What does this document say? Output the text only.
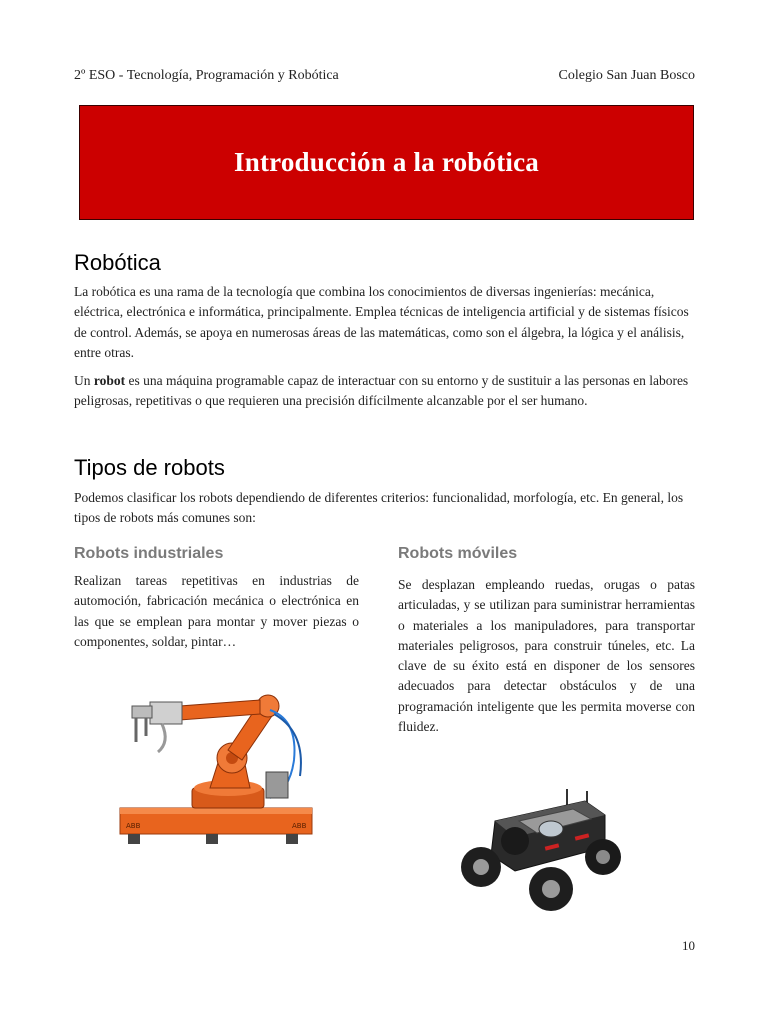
2º ESO - Tecnología, Programación y Robótica	Colegio San Juan Bosco
Introducción a la robótica
Robótica

La robótica es una rama de la tecnología que combina los conocimientos de diversas ingenierías: mecánica, eléctrica, electrónica e informática, principalmente. Emplea técnicas de inteligencia artificial y de sistemas físicos de control. Además, se apoya en numerosas áreas de las matemáticas, como son el álgebra, la lógica y el análisis, entre otras.

Un robot es una máquina programable capaz de interactuar con su entorno y de sustituir a las personas en labores peligrosas, repetitivas o que requieren una precisión difícilmente alcanzable por el ser humano.

Tipos de robots

Podemos clasificar los robots dependiendo de diferentes criterios: funcionalidad, morfología, etc. En general, los tipos de robots más comunes son:

Robots industriales

Realizan tareas repetitivas en industrias de automoción, fabricación mecánica o electrónica en las que se emplean para montar y mover piezas o componentes, soldar, pintar…

Robots móviles

Se desplazan empleando ruedas, orugas o patas articuladas, y se utilizan para suministrar herramientas o materiales a los manipuladores, para transportar materiales peligrosos, para construir túneles, etc. La clave de su éxito está en disponer de los sensores adecuados para detectar obstáculos y de una programación inteligente que les permita moverse con fluidez.

ABB	ABB
10
